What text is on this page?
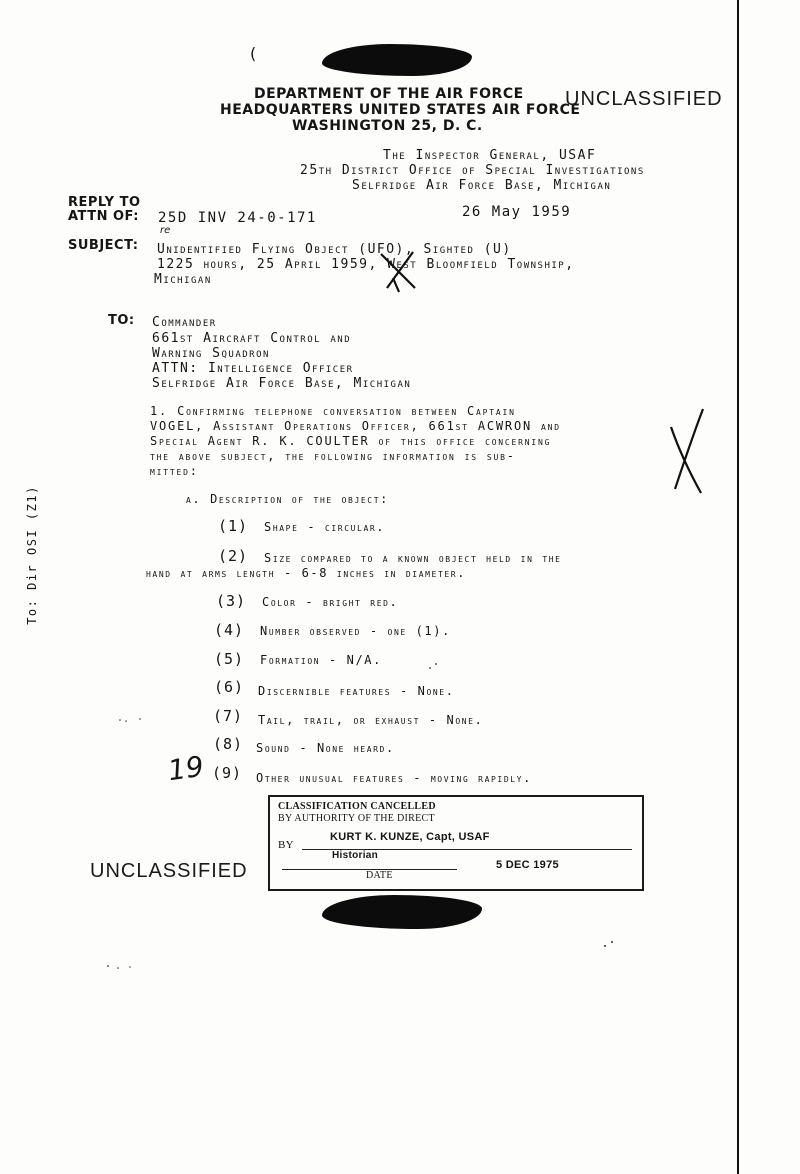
(
DEPARTMENT OF THE AIR FORCE
HEADQUARTERS UNITED STATES AIR FORCE
WASHINGTON 25, D. C.
UNCLASSIFIED
The Inspector General, USAF
25th District Office of Special Investigations
Selfridge Air Force Base, Michigan
REPLY TO
ATTN OF: 25D INV 24-0-171	26 May 1959
SUBJECT:
re
Unidentified Flying Object (UFO), Sighted (U)
1225 hours, 25 April 1959, West Bloomfield Township,
Michigan
TO: Commander
661st Aircraft Control and
Warning Squadron
ATTN: Intelligence Officer
Selfridge Air Force Base, Michigan
1. Confirming telephone conversation between Captain
VOGEL, Assistant Operations Officer, 661st ACWRON and
Special Agent R. K. COULTER of this office concerning
the above subject, the following information is sub-
mitted:
a. Description of the object:
(1) Shape - circular.
(2) Size compared to a known object held in the
hand at arms length - 6-8 inches in diameter.
(3) Color - bright red.
(4) Number observed - one (1).
(5) Formation - N/A.
(6) Discernible features - None.
(7) Tail, trail, or exhaust - None.
(8) Sound - None heard.
(9) Other unusual features - moving rapidly.
19
To: Dir OSI (Z1)
CLASSIFICATION CANCELLED
BY AUTHORITY OF THE DIRECT
BY
KURT K. KUNZE, Capt, USAF
Historian
DATE
5 DEC 1975
UNCLASSIFIED
